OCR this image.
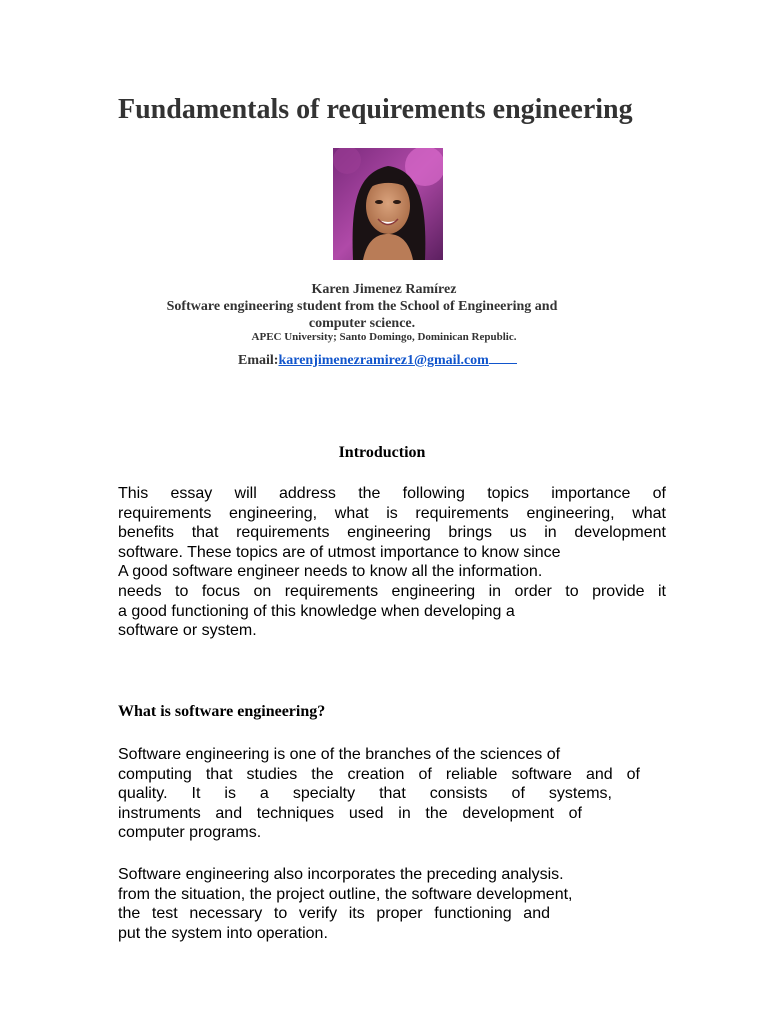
Fundamentals of requirements engineering
Karen Jimenez Ramírez
Software engineering student from the School of Engineering and computer science.
APEC University; Santo Domingo, Dominican Republic.
Email:karenjimenezramirez1@gmail.com
Introduction
This essay will address the following topics importance of
requirements engineering, what is requirements engineering, what
benefits that requirements engineering brings us in development
software. These topics are of utmost importance to know since
A good software engineer needs to know all the information.
needs to focus on requirements engineering in order to provide it
a good functioning of this knowledge when developing a
software or system.
What is software engineering?
Software engineering is one of the branches of the sciences of
computing that studies the creation of reliable software and of
quality. It is a specialty that consists of systems,
instruments and techniques used in the development of
computer programs.
Software engineering also incorporates the preceding analysis.
from the situation, the project outline, the software development,
the test necessary to verify its proper functioning and
put the system into operation.
